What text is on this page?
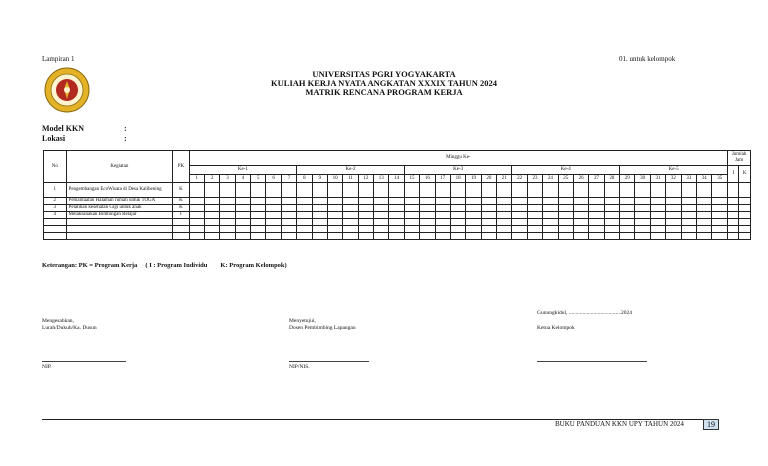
Lampiran 1	01. untuk kelompok
UNIVERSITAS PGRI YOGYAKARTA
KULIAH KERJA NYATA ANGKATAN XXXIX TAHUN 2024
MATRIK RENCANA PROGRAM KERJA
Model KKN	:
Lokasi	:
No	Kegiatan	PK	Minggu Ke-																																			Jumlah Jam	
			Ke-1							Ke-2							Ke-3							Ke-4							Ke-5							I	K
			1	2	3	4	5	6	7	8	9	10	11	12	13	14	15	16	17	18	19	20	21	22	23	24	25	26	27	28	29	30	31	32	33	34	35		
1	Pengembangan EcoWisata di Desa Kalibening	K																																					
2	Pemanfaatan Halaman rumah untuk TOGA	K																																					
3	Pelatihan kesehatan Gigi untuk anak	K																																					
4	Melaksanakan Bimbingan Belajar	I																																					

Keterangan: PK = Program Kerja     ( I : Program Individu        K: Program Kelompok)
Gunungkidul, ......................................2024
Mengesahkan,
Lurah/Dukuh/Ka. Dusun
Menyetujui,
Dosen Pembimbing Lapangan	Ketua Kelompok
NIP.	NIP/NIS.
BUKU PANDUAN KKN UPY TAHUN 2024	19
